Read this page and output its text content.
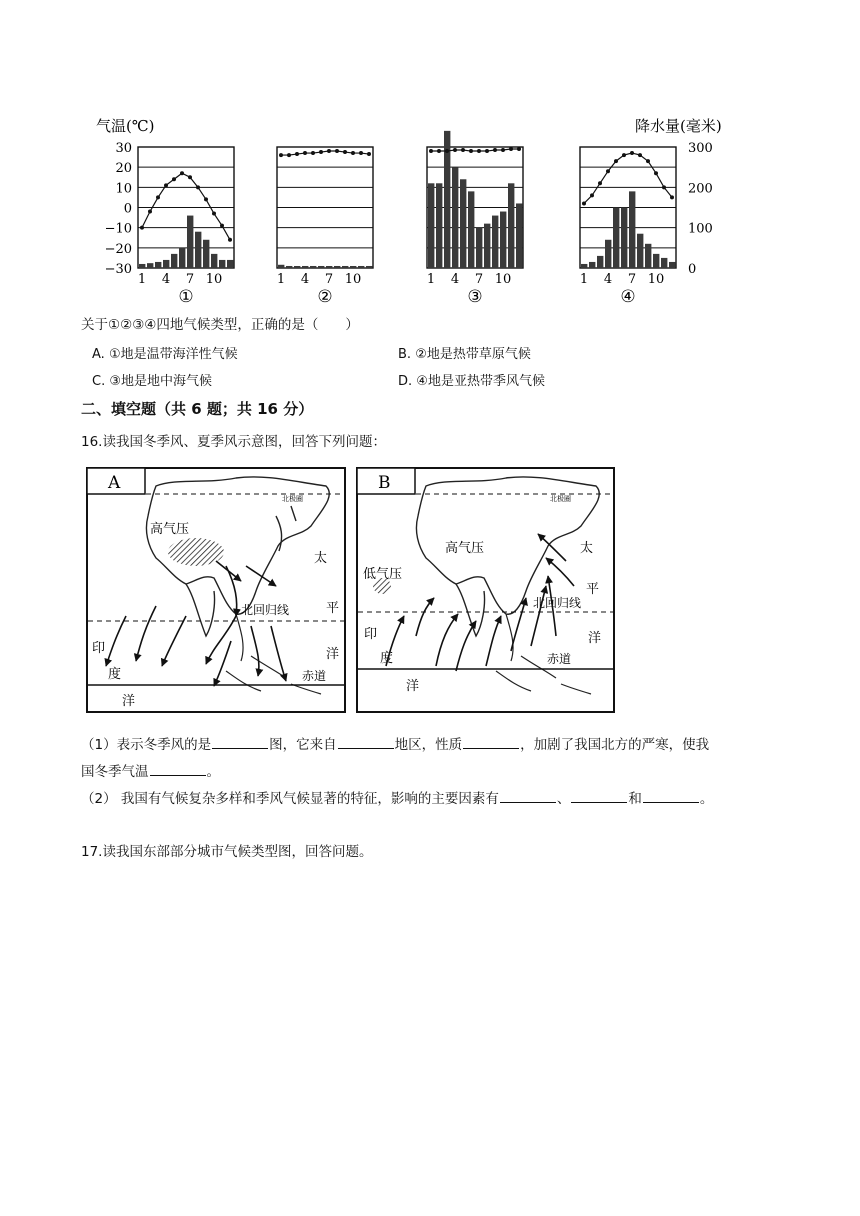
气温(℃)	降水量(毫米)
30
20
10
0
−10
−20
−30
300
200
100
0
1 4 7 10
①
1 4 7 10
②
1 4 7 10
③
1 4 7 10
④
关于①②③④四地气候类型，正确的是（　　）
A. ①地是温带海洋性气候	B. ②地是热带草原气候
C. ③地是地中海气候	D. ④地是亚热带季风气候
二、填空题（共 6 题；共 16 分）
16.读我国冬季风、夏季风示意图，回答下列问题：
A
北极圈
高气压
北回归线
赤道
太
平
洋
印
度
洋
B
北极圈
低气压
高气压
北回归线
赤道
太
平
洋
印
度
洋
（1）表示冬季风的是	图，它来自	地区，性质	，加剧了我国北方的严寒，使我
国冬季气温	。
（2） 我国有气候复杂多样和季风气候显著的特征，影响的主要因素有	、	和	。
17.读我国东部部分城市气候类型图，回答问题。
